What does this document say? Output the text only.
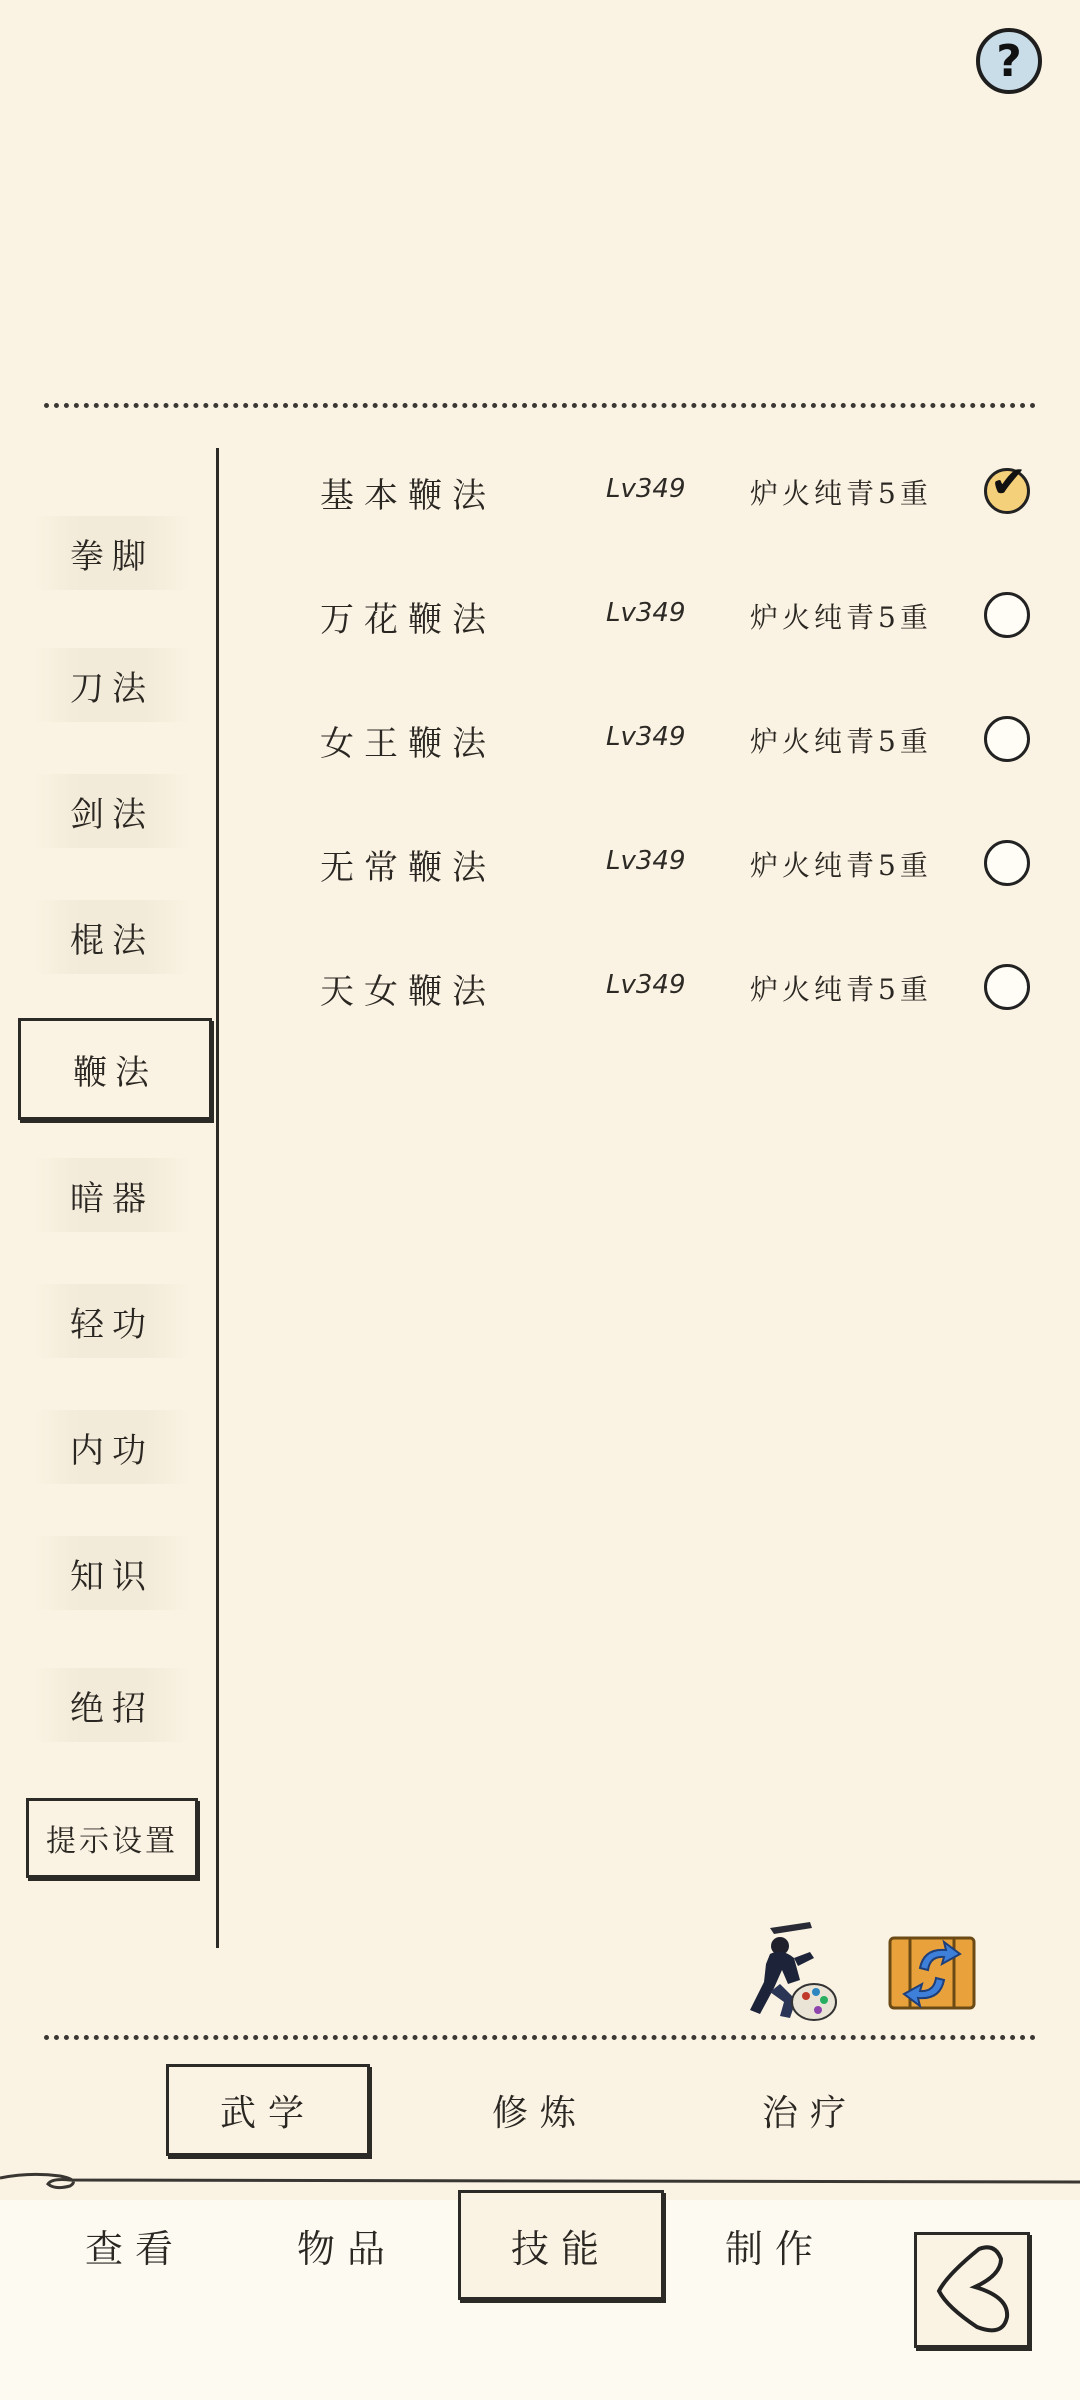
?
拳脚
刀法
剑法
棍法
鞭法
暗器
轻功
内功
知识
绝招
提示设置
基本鞭法	Lv349 炉火纯青5重 ✔
万花鞭法	Lv349 炉火纯青5重
女王鞭法	Lv349 炉火纯青5重
无常鞭法	Lv349 炉火纯青5重
天女鞭法	Lv349 炉火纯青5重
武学	修炼	治疗
查看	物品	技能	制作
